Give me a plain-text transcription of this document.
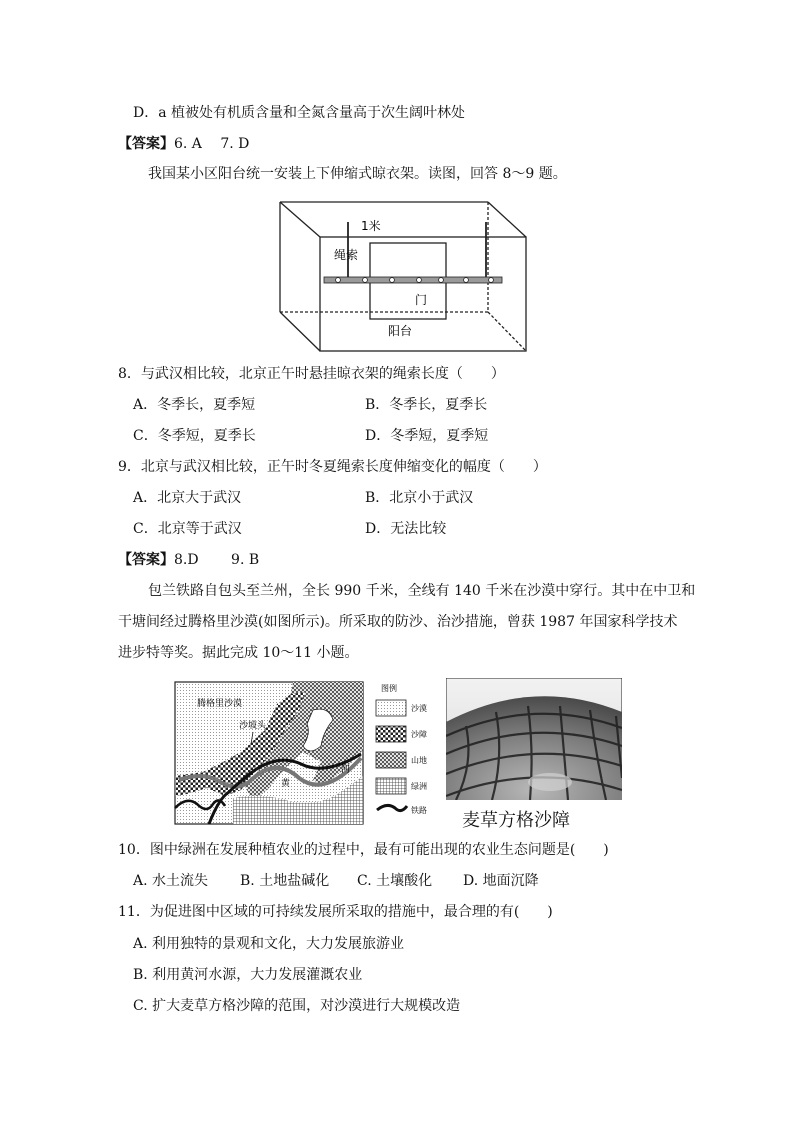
D．a 植被处有机质含量和全氮含量高于次生阔叶林处
【答案】6. A　 7. D
我国某小区阳台统一安装上下伸缩式晾衣架。读图，回答 8～9 题。
1米
绳索
门
阳台
8．与武汉相比较，北京正午时悬挂晾衣架的绳索长度（　　）
A．冬季长，夏季短	B．冬季长，夏季长
C．冬季短，夏季长	D．冬季短，夏季短
9．北京与武汉相比较，正午时冬夏绳索长度伸缩变化的幅度（　　）
A．北京大于武汉	B．北京小于武汉
C．北京等于武汉	D．无法比较
【答案】8.D　　 9. B
包兰铁路自包头至兰州，全长 990 千米，全线有 140 千米在沙漠中穿行。其中在中卫和
干塘间经过腾格里沙漠(如图所示)。所采取的防沙、治沙措施，曾获 1987 年国家科学技术
进步特等奖。据此完成 10～11 小题。
腾格里沙漠
沙坡头
河
黄
图例
沙漠
沙障
山地
绿洲
铁路 麦草方格沙障
10．图中绿洲在发展种植农业的过程中，最有可能出现的农业生态问题是(　　)
A. 水土流失 B. 土地盐碱化 C. 土壤酸化 D. 地面沉降
11．为促进图中区域的可持续发展所采取的措施中，最合理的有(　　)
A. 利用独特的景观和文化，大力发展旅游业
B. 利用黄河水源，大力发展灌溉农业
C. 扩大麦草方格沙障的范围，对沙漠进行大规模改造
